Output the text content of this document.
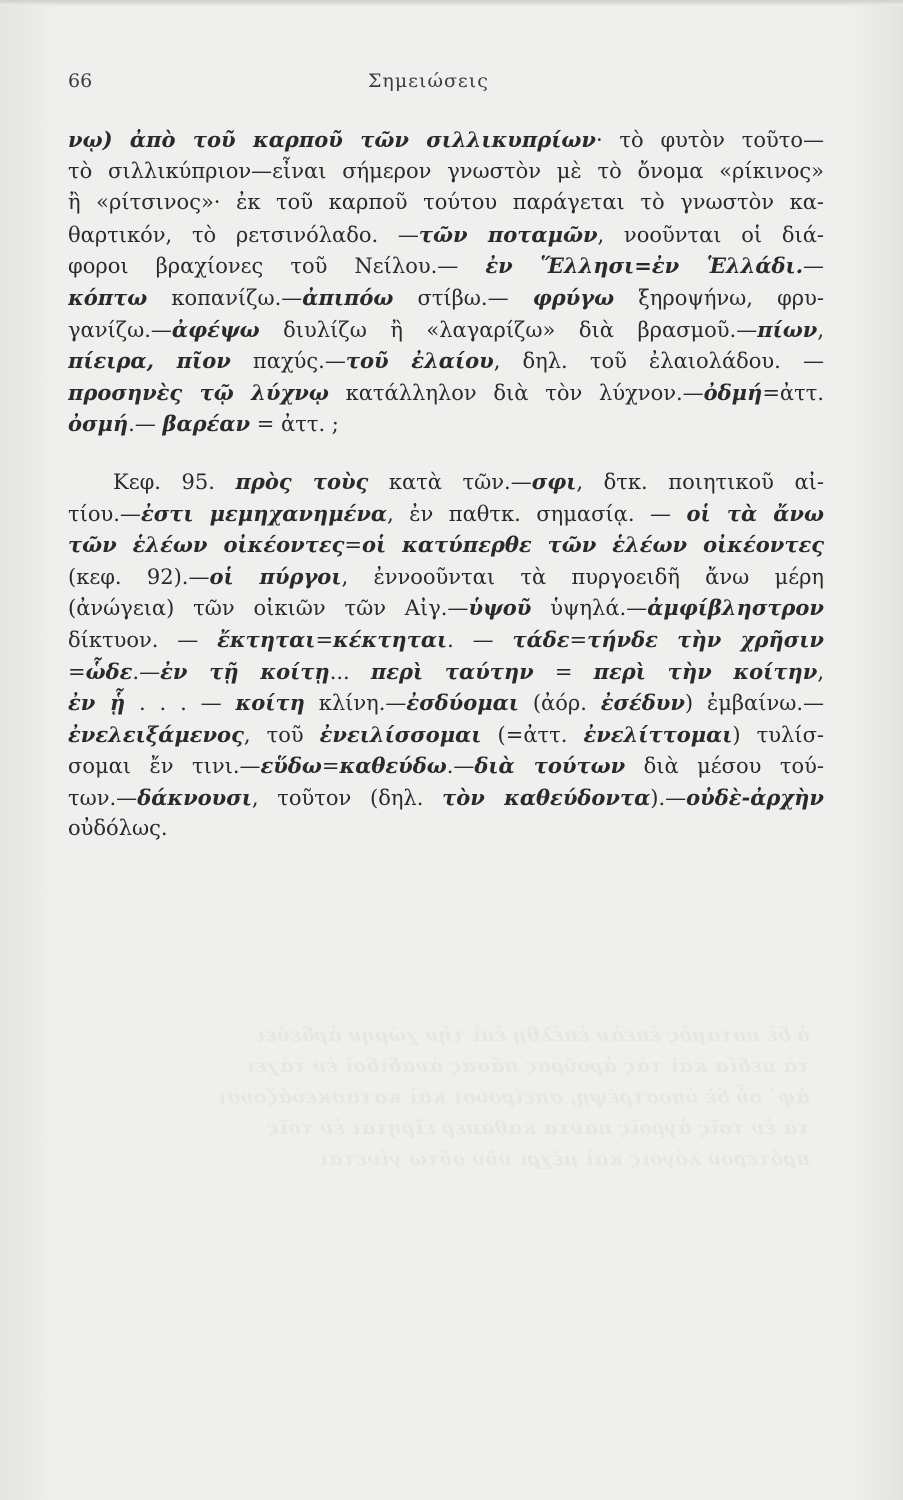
ὁ δὲ ποταμὸς ἐπεὰν ἐπέλθῃ ἐπὶ τὴν χώρην ἀρδεύει
τὰ πεδία καὶ τὰς ἀρούρας πάσας ἀναδιδοῖ ἐν τάχει
ἀφ᾽ οὗ δὲ ὑποστρέψῃ, σπείρουσι καὶ κατασκευάζουσι
τὰ ἐν τοῖς ἀγροῖς πάντα καθάπερ εἴρηται ἐν τοῖς
πρότερον λόγοις καὶ μέχρι νῦν οὕτω γίνεται
66	Σημειώσεις
νῳ) ἀπὸ τοῦ καρποῦ τῶν σιλλικυπρίων· τὸ φυτὸν τοῦτο—
τὸ σιλλικύπριον—εἶναι σήμερον γνωστὸν μὲ τὸ ὄνομα «ρίκινος»
ἢ «ρίτσινος»· ἐκ τοῦ καρποῦ τούτου παράγεται τὸ γνωστὸν κα-
θαρτικόν, τὸ ρετσινόλαδο. —τῶν ποταμῶν, νοοῦνται οἱ διά-
φοροι βραχίονες τοῦ Νείλου.— ἐν Ἕλλησι=ἐν Ἑλλάδι.—
κόπτω κοπανίζω.—ἀπιπόω στίβω.— φρύγω ξηροψήνω, φρυ-
γανίζω.—ἀφέψω διυλίζω ἢ «λαγαρίζω» διὰ βρασμοῦ.—πίων,
πίειρα, πῖον παχύς.—τοῦ ἐλαίου, δηλ. τοῦ ἐλαιολάδου. —
προσηνὲς τῷ λύχνῳ κατάλληλον διὰ τὸν λύχνον.—ὀδμή=ἀττ.
ὀσμή.— βαρέαν = ἀττ. ;
Κεφ. 95. πρὸς τοὺς κατὰ τῶν.—σφι, δτκ. ποιητικοῦ αἰ-
τίου.—ἐστι μεμηχανημένα, ἐν παθτκ. σημασίᾳ. — οἱ τὰ ἄνω
τῶν ἑλέων οἰκέοντες=οἱ κατύπερθε τῶν ἑλέων οἰκέοντες
(κεφ. 92).—οἱ πύργοι, ἐννοοῦνται τὰ πυργοειδῆ ἄνω μέρη
(ἀνώγεια) τῶν οἰκιῶν τῶν Αἰγ.—ὑψοῦ ὑψηλά.—ἀμφίβληστρον
δίκτυον. — ἔκτηται=κέκτηται. — τάδε=τήνδε τὴν χρῆσιν
=ὧδε.—ἐν τῇ κοίτῃ... περὶ ταύτην = περὶ τὴν κοίτην,
ἐν ᾗ . . . — κοίτη κλίνη.—ἐσδύομαι (ἀόρ. ἐσέδυν) ἐμβαίνω.—
ἐνελειξάμενος, τοῦ ἐνειλίσσομαι (=ἀττ. ἐνελίττομαι) τυλίσ-
σομαι ἔν τινι.—εὕδω=καθεύδω.—διὰ τούτων διὰ μέσου τού-
των.—δάκνουσι, τοῦτον (δηλ. τὸν καθεύδοντα).—οὐδὲ-ἀρχὴν
οὐδόλως.
